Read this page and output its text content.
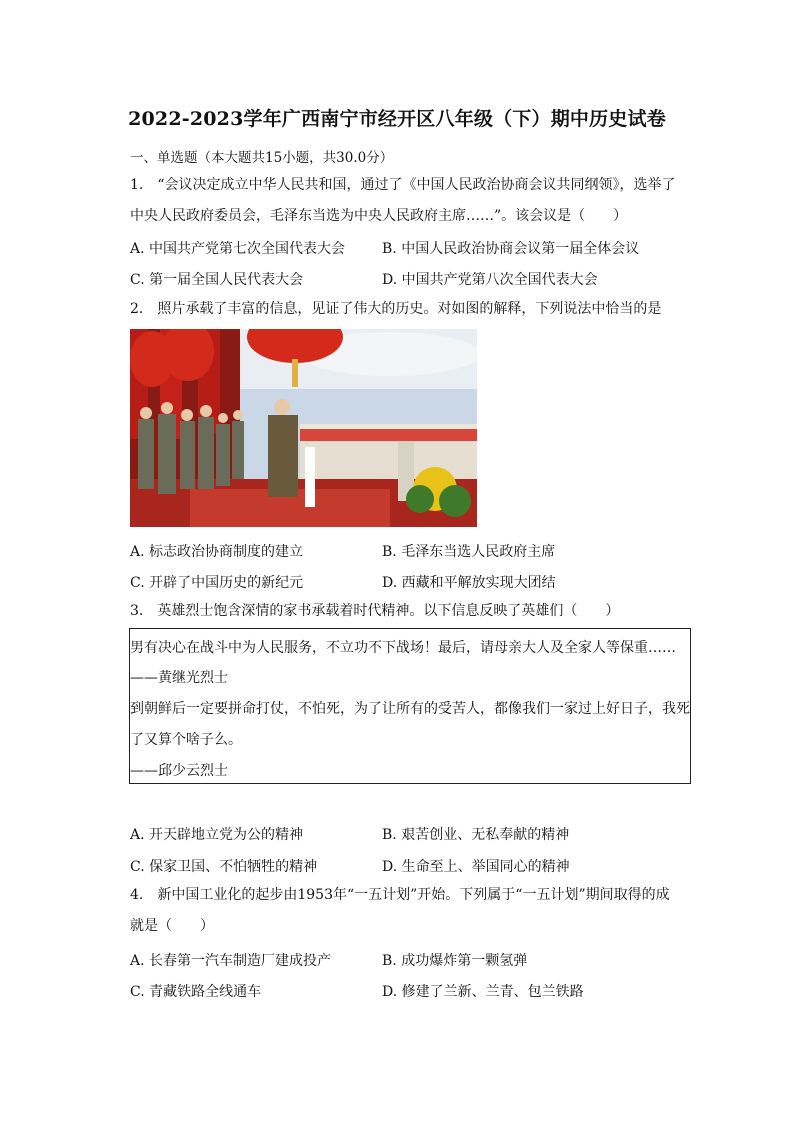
2022-2023学年广西南宁市经开区八年级（下）期中历史试卷
一、单选题（本大题共15小题，共30.0分）
1.　“会议决定成立中华人民共和国，通过了《中国人民政治协商会议共同纲领》，选举了
中央人民政府委员会，毛泽东当选为中央人民政府主席……”。该会议是（　　）
A. 中国共产党第七次全国代表大会	B. 中国人民政治协商会议第一届全体会议
C. 第一届全国人民代表大会	D. 中国共产党第八次全国代表大会
2.　照片承载了丰富的信息，见证了伟大的历史。对如图的解释，下列说法中恰当的是　　
A. 标志政治协商制度的建立	B. 毛泽东当选人民政府主席
C. 开辟了中国历史的新纪元	D. 西藏和平解放实现大团结
3.　英雄烈士饱含深情的家书承载着时代精神。以下信息反映了英雄们（　　）
男有决心在战斗中为人民服务，不立功不下战场！最后，请母亲大人及全家人等保重……
——黄继光烈士
到朝鲜后一定要拼命打仗，不怕死，为了让所有的受苦人，都像我们一家过上好日子，我死
了又算个啥子么。
——邱少云烈士
A. 开天辟地立党为公的精神	B. 艰苦创业、无私奉献的精神
C. 保家卫国、不怕牺牲的精神	D. 生命至上、举国同心的精神
4.　新中国工业化的起步由1953年“一五计划”开始。下列属于“一五计划”期间取得的成
就是（　　）
A. 长春第一汽车制造厂建成投产	B. 成功爆炸第一颗氢弹
C. 青藏铁路全线通车	D. 修建了兰新、兰青、包兰铁路
